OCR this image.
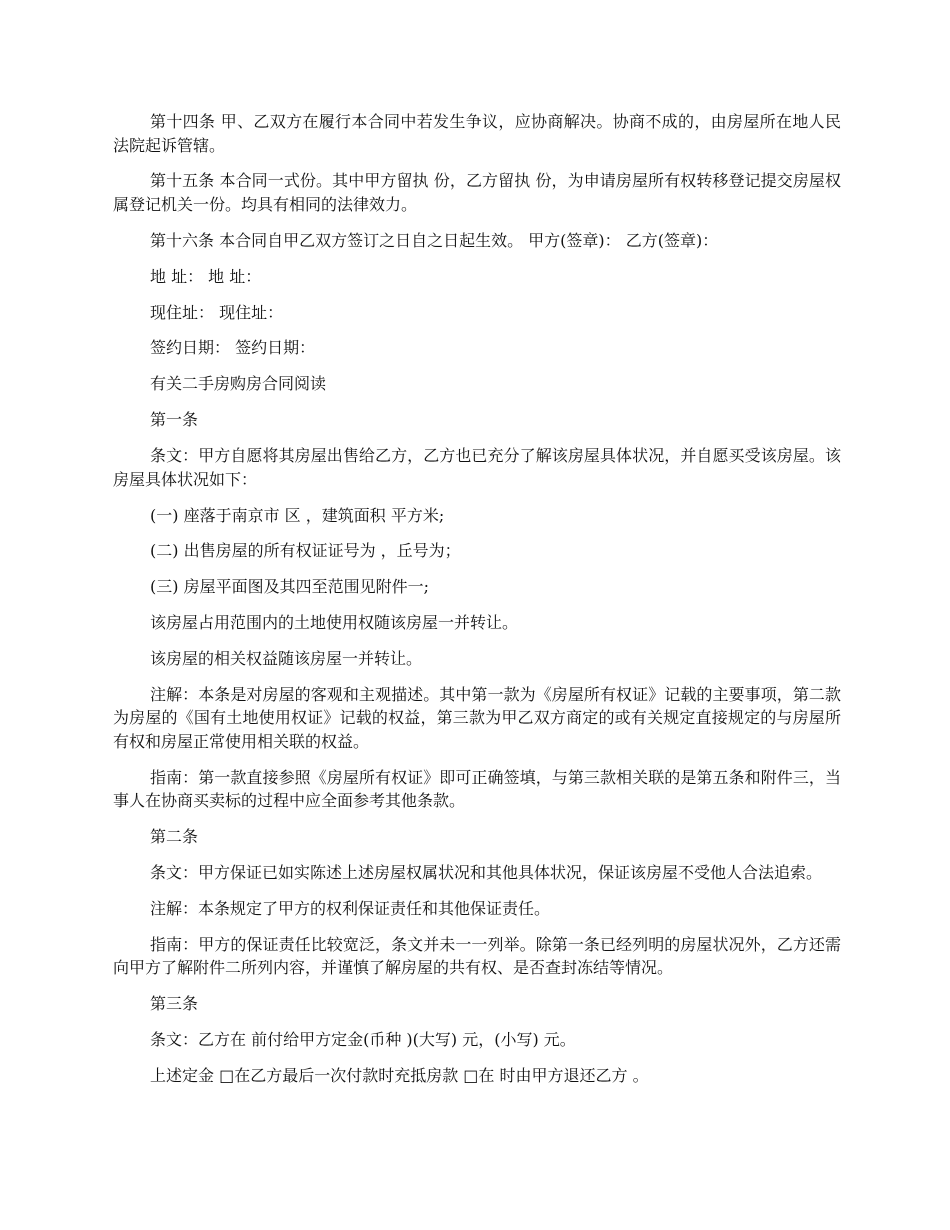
第十四条 甲、乙双方在履行本合同中若发生争议，应协商解决。协商不成的，由房屋所在地人民法院起诉管辖。

第十五条 本合同一式份。其中甲方留执 份，乙方留执 份，为申请房屋所有权转移登记提交房屋权属登记机关一份。均具有相同的法律效力。

第十六条 本合同自甲乙双方签订之日自之日起生效。 甲方(签章)： 乙方(签章)：

地 址： 地 址：

现住址： 现住址：

签约日期： 签约日期：

有关二手房购房合同阅读

第一条

条文：甲方自愿将其房屋出售给乙方，乙方也已充分了解该房屋具体状况，并自愿买受该房屋。该房屋具体状况如下：

(一) 座落于南京市 区 ，建筑面积 平方米;

(二) 出售房屋的所有权证证号为 ，丘号为；

(三) 房屋平面图及其四至范围见附件一;

该房屋占用范围内的土地使用权随该房屋一并转让。

该房屋的相关权益随该房屋一并转让。

注解：本条是对房屋的客观和主观描述。其中第一款为《房屋所有权证》记载的主要事项，第二款为房屋的《国有土地使用权证》记载的权益，第三款为甲乙双方商定的或有关规定直接规定的与房屋所有权和房屋正常使用相关联的权益。

指南：第一款直接参照《房屋所有权证》即可正确签填，与第三款相关联的是第五条和附件三，当事人在协商买卖标的过程中应全面参考其他条款。

第二条

条文：甲方保证已如实陈述上述房屋权属状况和其他具体状况，保证该房屋不受他人合法追索。

注解：本条规定了甲方的权利保证责任和其他保证责任。

指南：甲方的保证责任比较宽泛，条文并未一一列举。除第一条已经列明的房屋状况外，乙方还需向甲方了解附件二所列内容，并谨慎了解房屋的共有权、是否查封冻结等情况。

第三条

条文：乙方在 前付给甲方定金(币种 )(大写) 元，(小写) 元。

上述定金 □在乙方最后一次付款时充抵房款 □在 时由甲方退还乙方 。
